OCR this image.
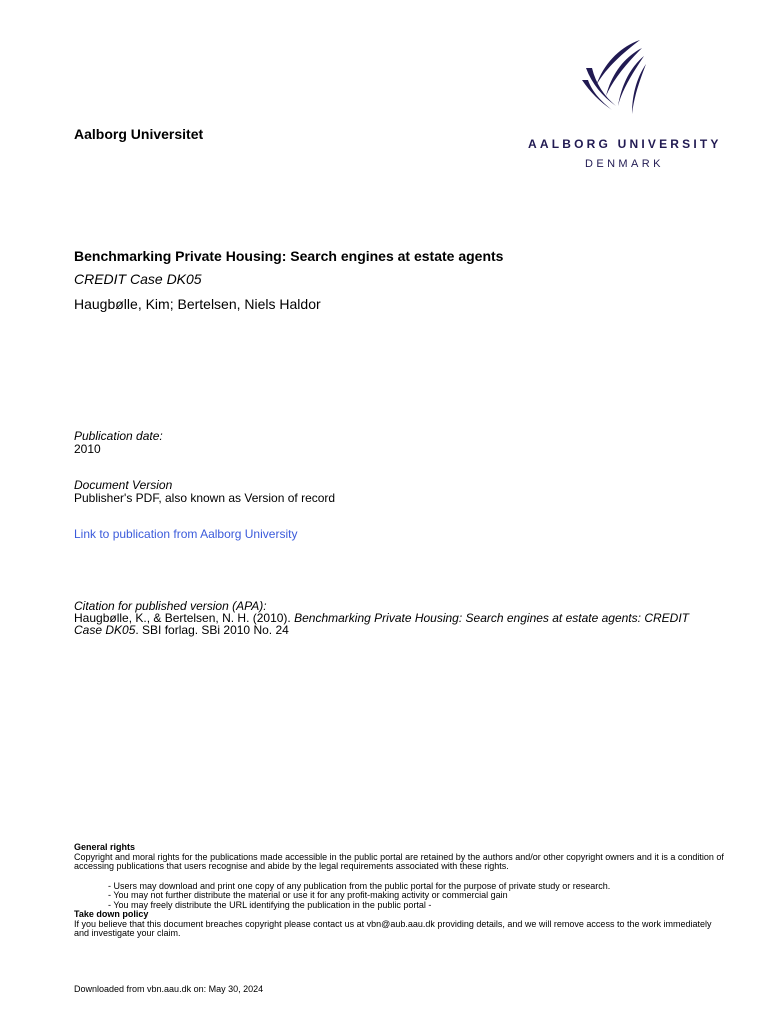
Aalborg Universitet
AALBORG UNIVERSITY
DENMARK
Benchmarking Private Housing: Search engines at estate agents
CREDIT Case DK05
Haugbølle, Kim; Bertelsen, Niels Haldor
Publication date:
2010
Document Version
Publisher's PDF, also known as Version of record
Link to publication from Aalborg University
Citation for published version (APA):
Haugbølle, K., & Bertelsen, N. H. (2010). Benchmarking Private Housing: Search engines at estate agents: CREDIT Case DK05. SBI forlag. SBi 2010 No. 24
General rights
Copyright and moral rights for the publications made accessible in the public portal are retained by the authors and/or other copyright owners and it is a condition of accessing publications that users recognise and abide by the legal requirements associated with these rights.
- Users may download and print one copy of any publication from the public portal for the purpose of private study or research.
- You may not further distribute the material or use it for any profit-making activity or commercial gain
- You may freely distribute the URL identifying the publication in the public portal -
Take down policy
If you believe that this document breaches copyright please contact us at vbn@aub.aau.dk providing details, and we will remove access to the work immediately and investigate your claim.
Downloaded from vbn.aau.dk on: May 30, 2024
